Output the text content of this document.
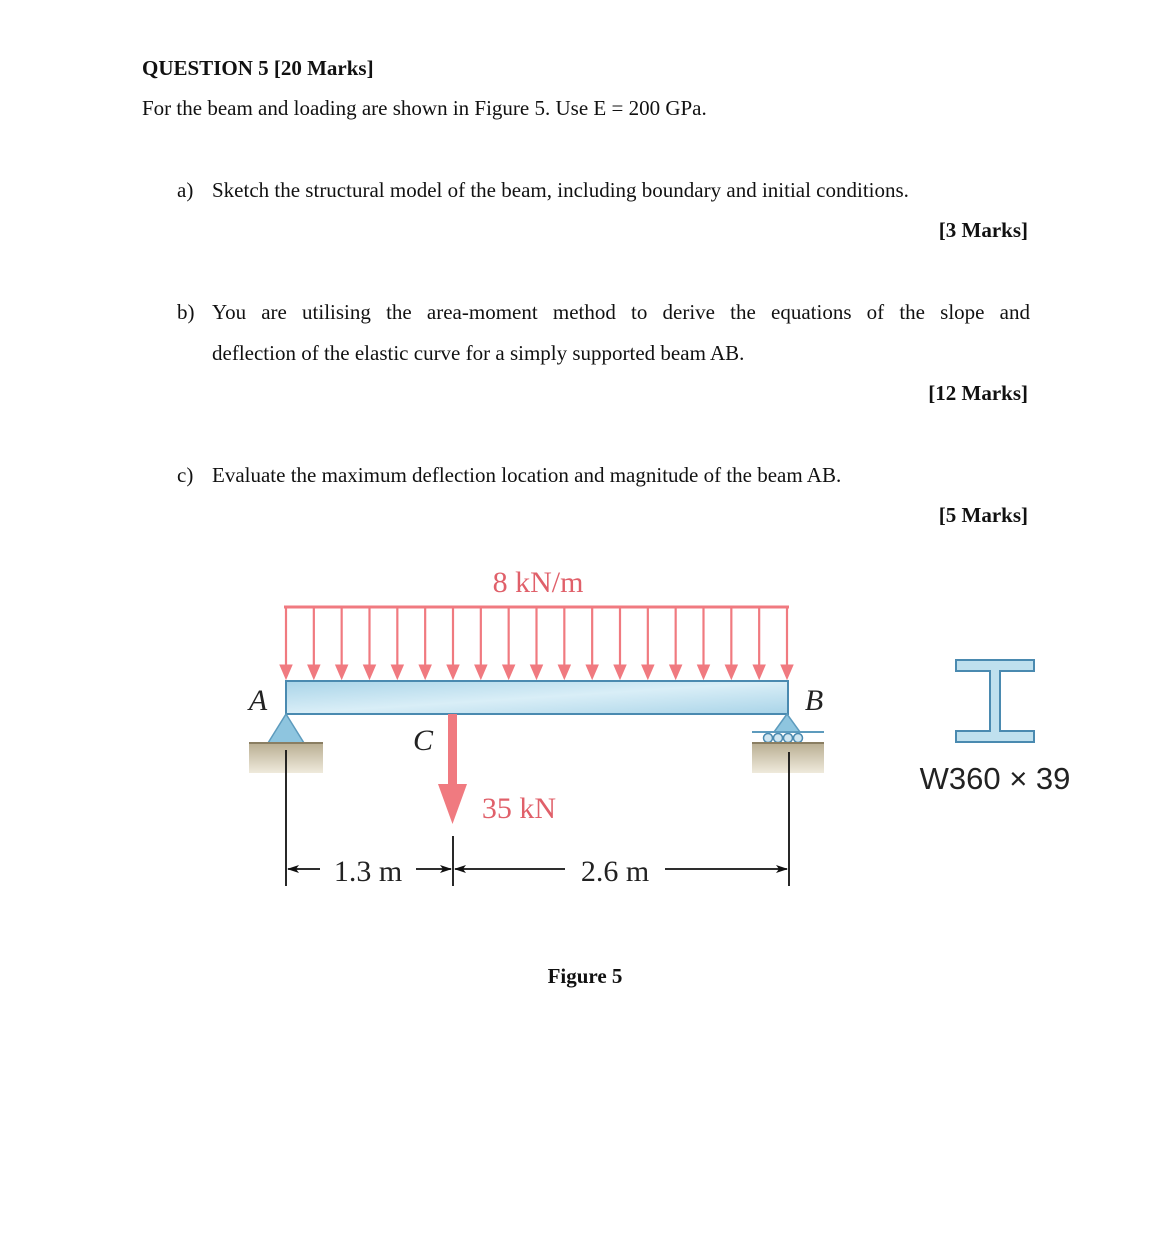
QUESTION 5 [20 Marks]
For the beam and loading are shown in Figure 5. Use E = 200 GPa.
a) Sketch the structural model of the beam, including boundary and initial conditions.
[3 Marks]
b) You are utilising the area-moment method to derive the equations of the slope and
deflection of the elastic curve for a simply supported beam AB.
[12 Marks]
c) Evaluate the maximum deflection location and magnitude of the beam AB.
[5 Marks]
8 kN/m
A	B
C
35 kN
1.3 m	2.6 m
W360 × 39
Figure 5
